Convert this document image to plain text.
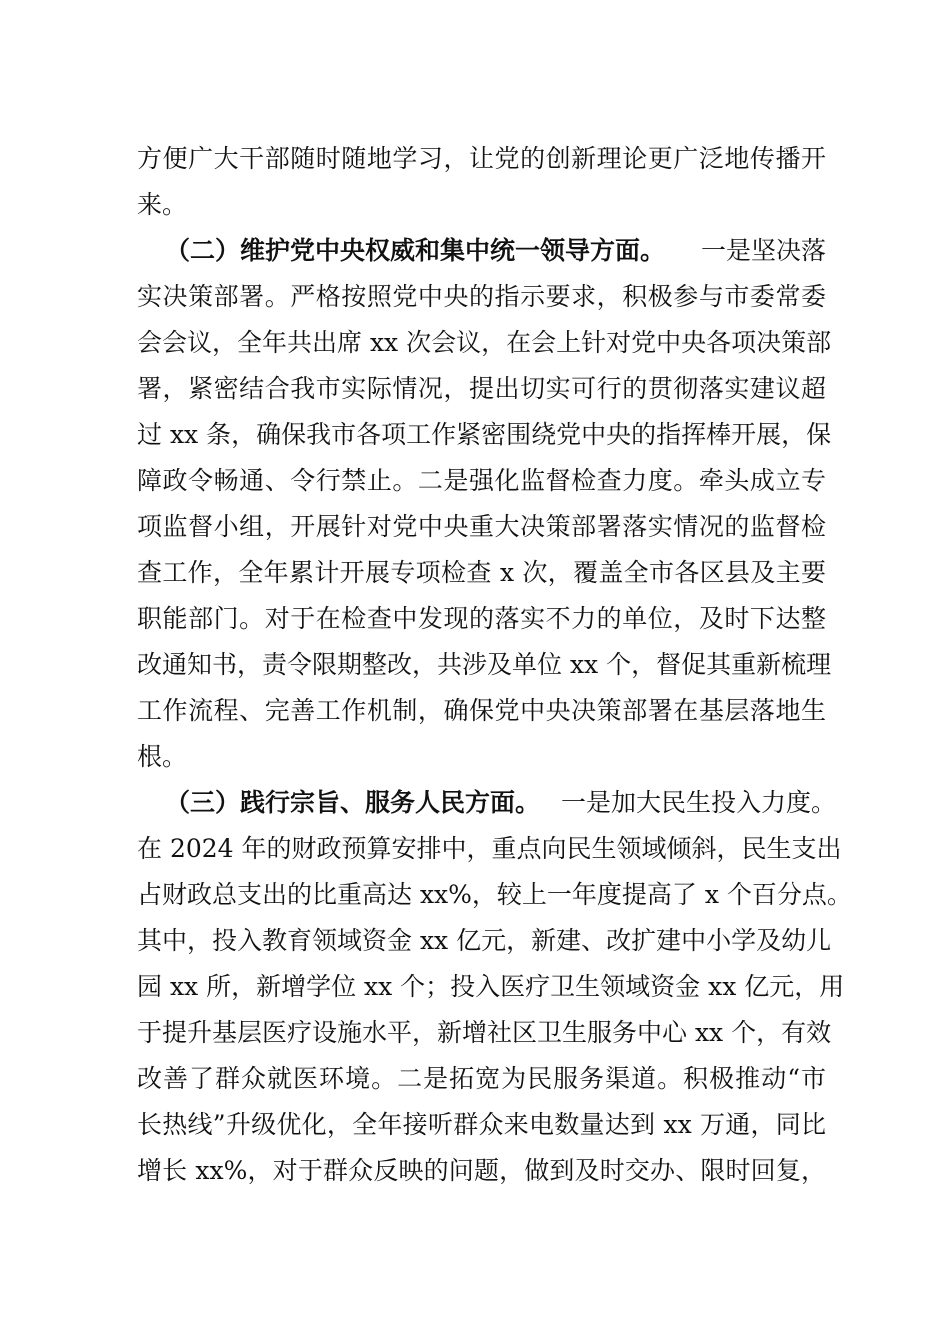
方便广大干部随时随地学习，让党的创新理论更广泛地传播开

来。

（二）维护党中央权威和集中统一领导方面。 一是坚决落

实决策部署。严格按照党中央的指示要求，积极参与市委常委

会会议，全年共出席 xx 次会议，在会上针对党中央各项决策部

署，紧密结合我市实际情况，提出切实可行的贯彻落实建议超

过 xx 条，确保我市各项工作紧密围绕党中央的指挥棒开展，保

障政令畅通、令行禁止。二是强化监督检查力度。牵头成立专

项监督小组，开展针对党中央重大决策部署落实情况的监督检

查工作，全年累计开展专项检查 x 次，覆盖全市各区县及主要

职能部门。对于在检查中发现的落实不力的单位，及时下达整

改通知书，责令限期整改，共涉及单位 xx 个，督促其重新梳理

工作流程、完善工作机制，确保党中央决策部署在基层落地生

根。

（三）践行宗旨、服务人民方面。 一是加大民生投入力度。

在 2024 年的财政预算安排中，重点向民生领域倾斜，民生支出

占财政总支出的比重高达 xx%，较上一年度提高了 x 个百分点。

其中，投入教育领域资金 xx 亿元，新建、改扩建中小学及幼儿

园 xx 所，新增学位 xx 个；投入医疗卫生领域资金 xx 亿元，用

于提升基层医疗设施水平，新增社区卫生服务中心 xx 个，有效

改善了群众就医环境。二是拓宽为民服务渠道。积极推动“市

长热线”升级优化，全年接听群众来电数量达到 xx 万通，同比

增长 xx%，对于群众反映的问题，做到及时交办、限时回复，
